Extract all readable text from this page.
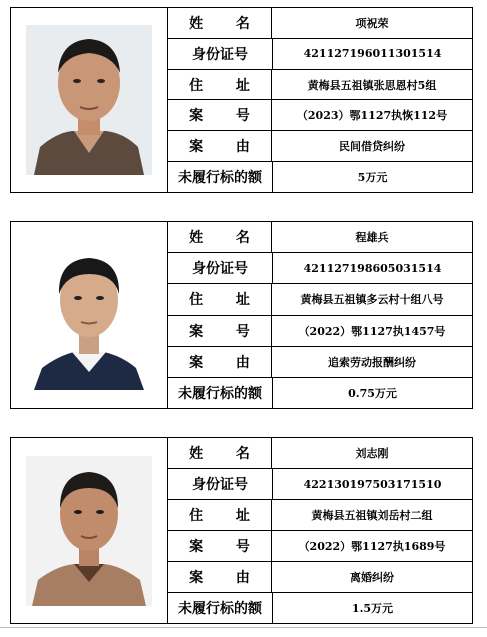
姓 名	项祝荣
身份证号	421127196011301514
住 址	黄梅县五祖镇张思恩村5组
案 号	（2023）鄂1127执恢112号
案 由	民间借贷纠纷
未履行标的额	5万元
姓 名	程雄兵
身份证号	421127198605031514
住 址	黄梅县五祖镇多云村十组八号
案 号	（2022）鄂1127执1457号
案 由	追索劳动报酬纠纷
未履行标的额	0.75万元
姓 名	刘志刚
身份证号	422130197503171510
住 址	黄梅县五祖镇刘岳村二组
案 号	（2022）鄂1127执1689号
案 由	离婚纠纷
未履行标的额	1.5万元
